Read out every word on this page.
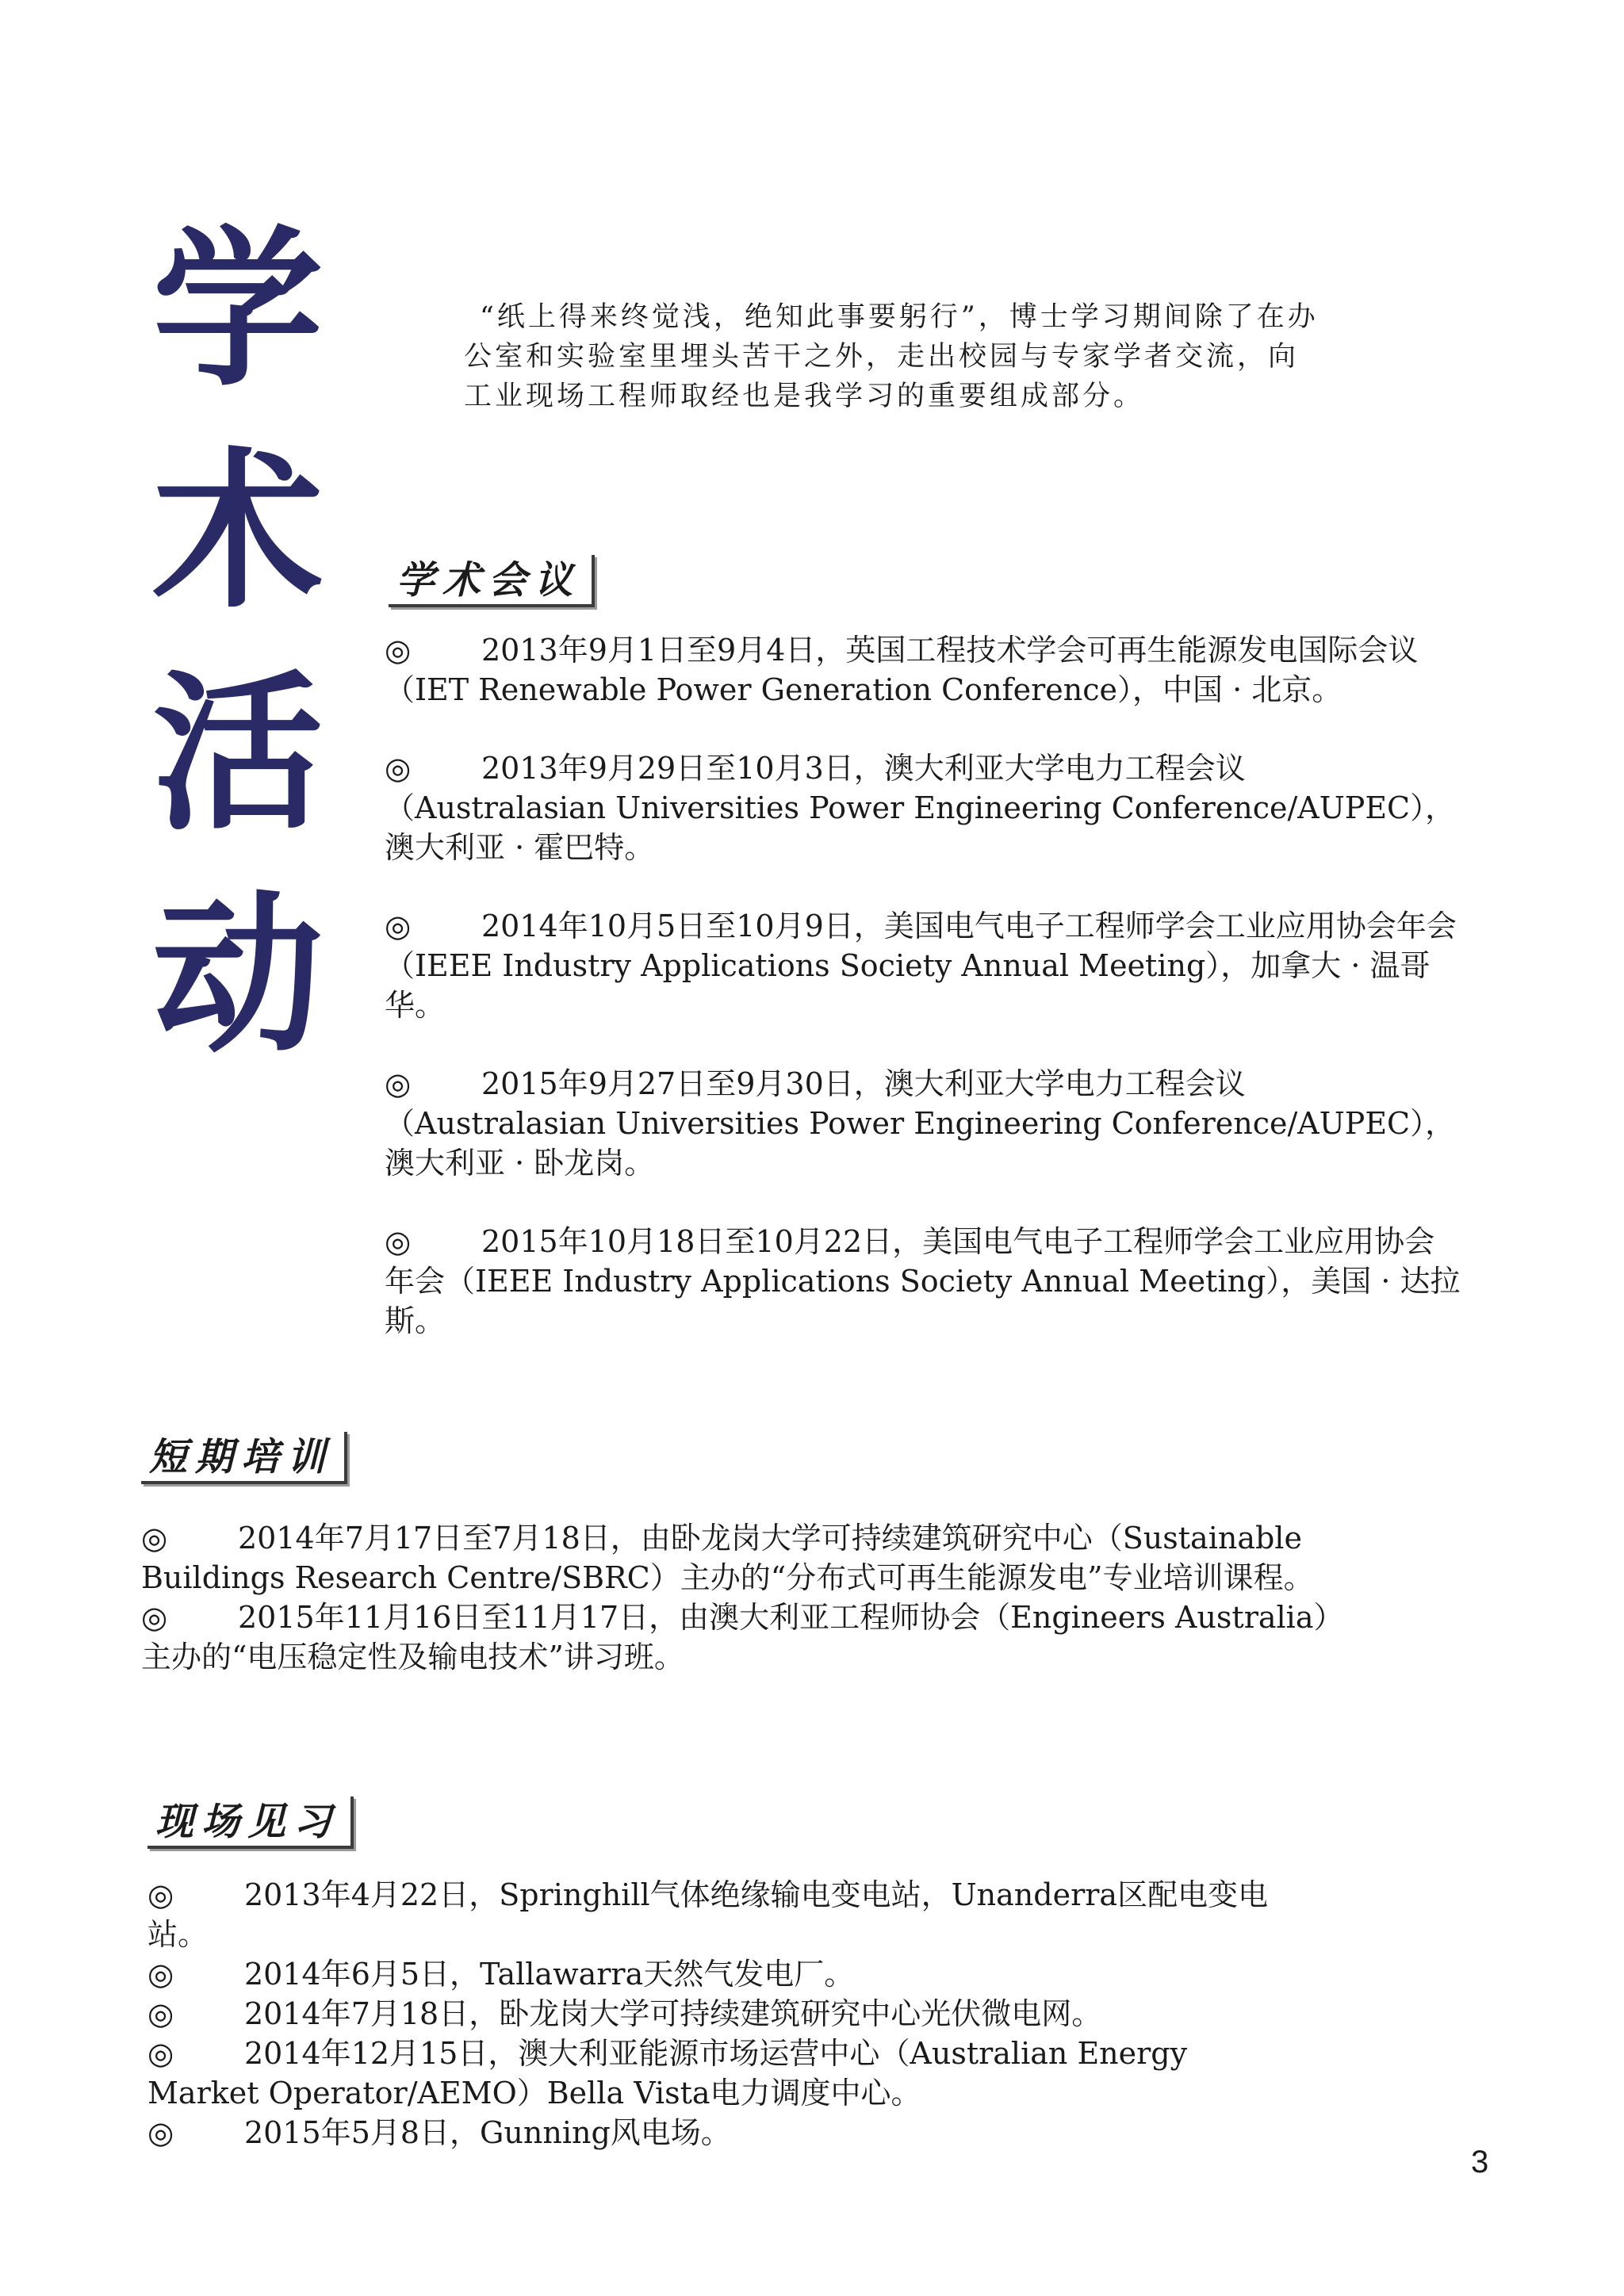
学
术
活
动

“纸上得来终觉浅，绝知此事要躬行”，博士学习期间除了在办公室和实验室里埋头苦干之外，走出校园与专家学者交流，向工业现场工程师取经也是我学习的重要组成部分。

学术会议
◎ 2013年9月1日至9月4日，英国工程技术学会可再生能源发电国际会议（IET Renewable Power Generation Conference），中国 · 北京。
◎ 2013年9月29日至10月3日，澳大利亚大学电力工程会议（Australasian Universities Power Engineering Conference/AUPEC），澳大利亚 · 霍巴特。
◎ 2014年10月5日至10月9日，美国电气电子工程师学会工业应用协会年会（IEEE Industry Applications Society Annual Meeting），加拿大 · 温哥华。
◎ 2015年9月27日至9月30日，澳大利亚大学电力工程会议（Australasian Universities Power Engineering Conference/AUPEC），澳大利亚 · 卧龙岗。
◎ 2015年10月18日至10月22日，美国电气电子工程师学会工业应用协会年会（IEEE Industry Applications Society Annual Meeting），美国 · 达拉斯。
短期培训
◎ 2014年7月17日至7月18日，由卧龙岗大学可持续建筑研究中心（Sustainable Buildings Research Centre/SBRC）主办的“分布式可再生能源发电”专业培训课程。
◎ 2015年11月16日至11月17日，由澳大利亚工程师协会（Engineers Australia）主办的“电压稳定性及输电技术”讲习班。
现场见习
◎ 2013年4月22日，Springhill气体绝缘输电变电站，Unanderra区配电变电站。
◎ 2014年6月5日，Tallawarra天然气发电厂。
◎ 2014年7月18日，卧龙岗大学可持续建筑研究中心光伏微电网。
◎ 2014年12月15日，澳大利亚能源市场运营中心（Australian Energy Market Operator/AEMO）Bella Vista电力调度中心。
◎ 2015年5月8日，Gunning风电场。
3
